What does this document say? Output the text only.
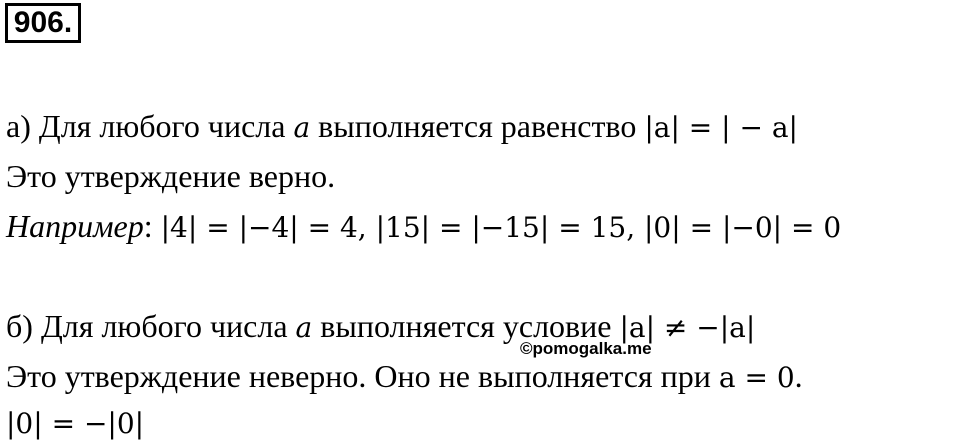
906.
а) Для любого числа a выполняется равенство |a| = | − a|
Это утверждение верно.
Например: |4| = |−4| = 4, |15| = |−15| = 15, |0| = |−0| = 0
б) Для любого числа a выполняется условие |a| ≠ −|a|
©pomogalka.me
Это утверждение неверно. Оно не выполняется при a = 0.
|0| = −|0|
